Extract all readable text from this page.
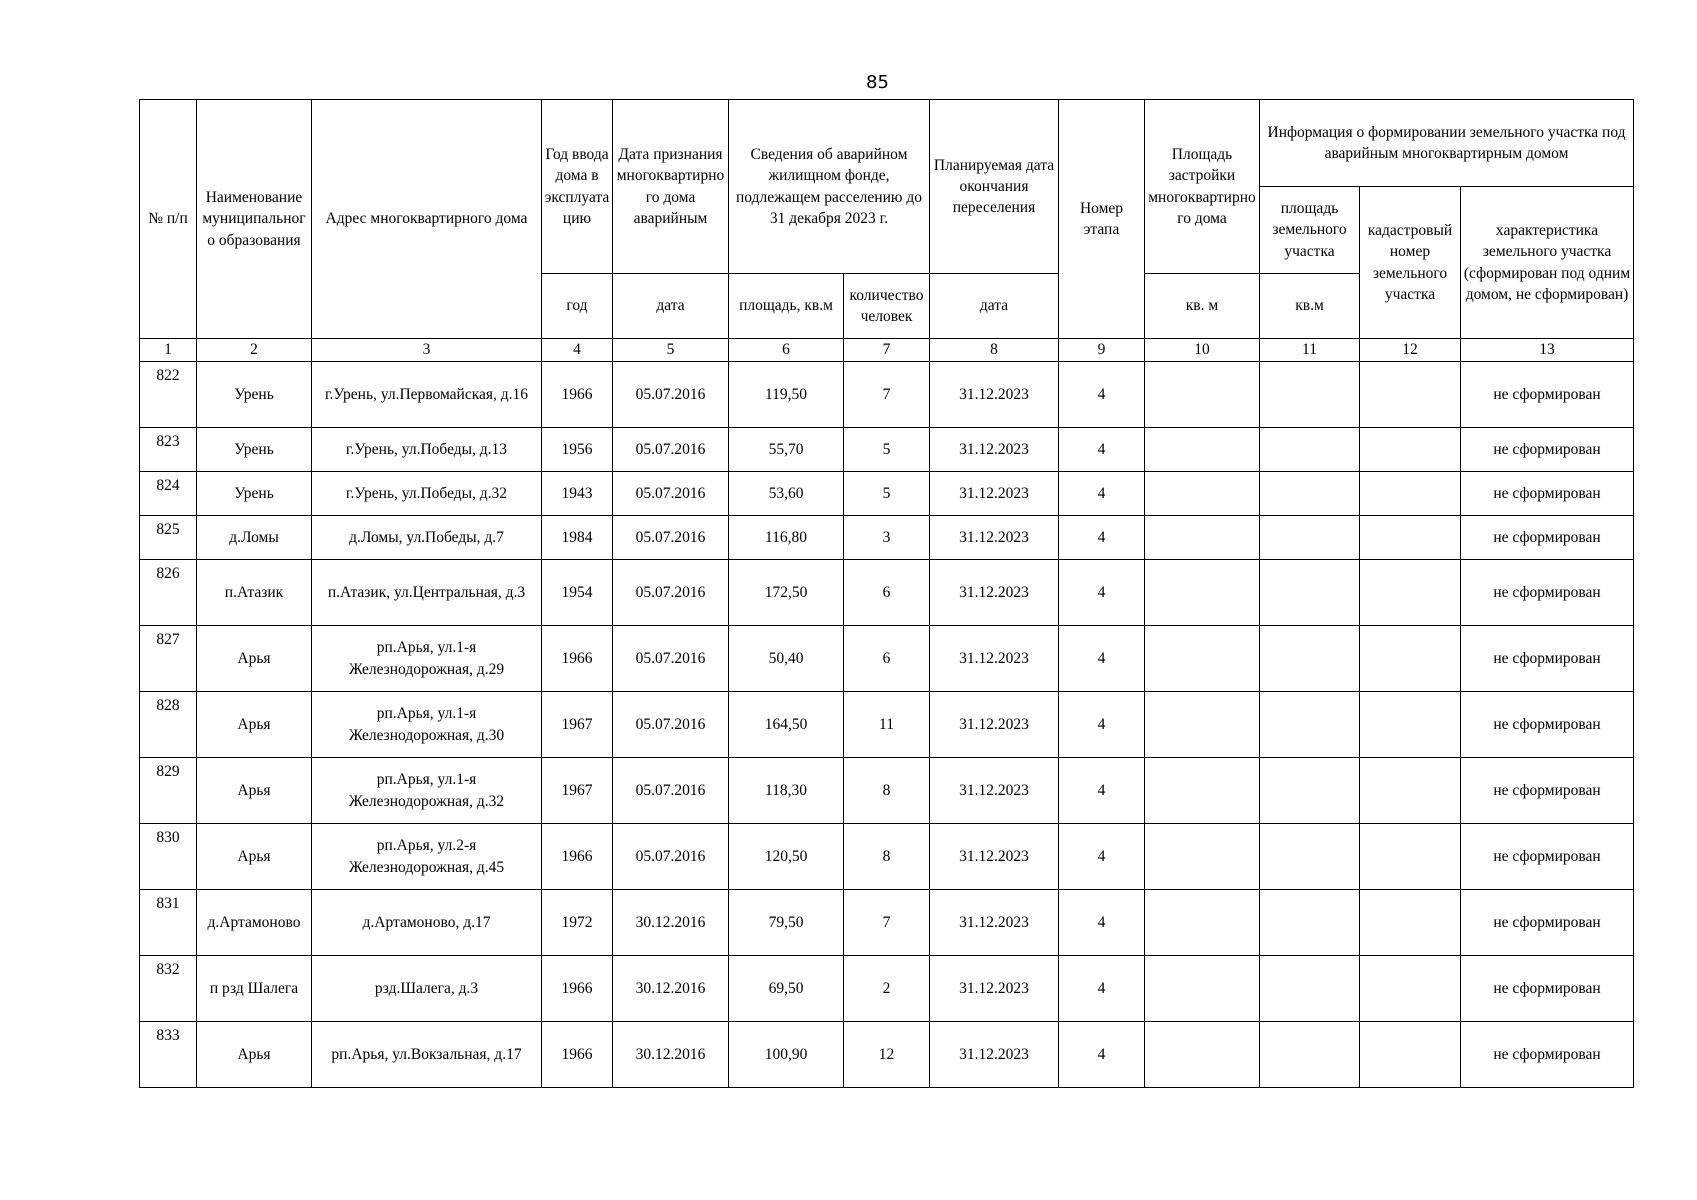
85
№ п/п	Наименование муниципального образования	Адрес многоквартирного дома	Год ввода дома в эксплуатацию	Дата признания многоквартирного дома аварийным	Сведения об аварийном жилищном фонде, подлежащем расселению до 31 декабря 2023 г.		Планируемая дата окончания переселения	Номер этапа	Площадь застройки многоквартирного дома	Информация о формировании земельного участка под аварийным многоквартирным домом		
										площадь земельного участка	кадастровый номер земельного участка	характеристика земельного участка (сформирован под одним домом, не сформирован)
			год	дата	площадь, кв.м	количество человек	дата		кв. м	кв.м		
1	2	3	4	5	6	7	8	9	10	11	12	13
822	Урень	г.Урень, ул.Первомайская, д.16	1966	05.07.2016	119,50	7	31.12.2023	4				не сформирован
823	Урень	г.Урень, ул.Победы, д.13	1956	05.07.2016	55,70	5	31.12.2023	4				не сформирован
824	Урень	г.Урень, ул.Победы, д.32	1943	05.07.2016	53,60	5	31.12.2023	4				не сформирован
825	д.Ломы	д.Ломы, ул.Победы, д.7	1984	05.07.2016	116,80	3	31.12.2023	4				не сформирован
826	п.Атазик	п.Атазик, ул.Центральная, д.3	1954	05.07.2016	172,50	6	31.12.2023	4				не сформирован
827	Арья	рп.Арья, ул.1-я Железнодорожная, д.29	1966	05.07.2016	50,40	6	31.12.2023	4				не сформирован
828	Арья	рп.Арья, ул.1-я Железнодорожная, д.30	1967	05.07.2016	164,50	11	31.12.2023	4				не сформирован
829	Арья	рп.Арья, ул.1-я Железнодорожная, д.32	1967	05.07.2016	118,30	8	31.12.2023	4				не сформирован
830	Арья	рп.Арья, ул.2-я Железнодорожная, д.45	1966	05.07.2016	120,50	8	31.12.2023	4				не сформирован
831	д.Артамоново	д.Артамоново, д.17	1972	30.12.2016	79,50	7	31.12.2023	4				не сформирован
832	п рзд Шалега	рзд.Шалега, д.3	1966	30.12.2016	69,50	2	31.12.2023	4				не сформирован
833	Арья	рп.Арья, ул.Вокзальная, д.17	1966	30.12.2016	100,90	12	31.12.2023	4				не сформирован
